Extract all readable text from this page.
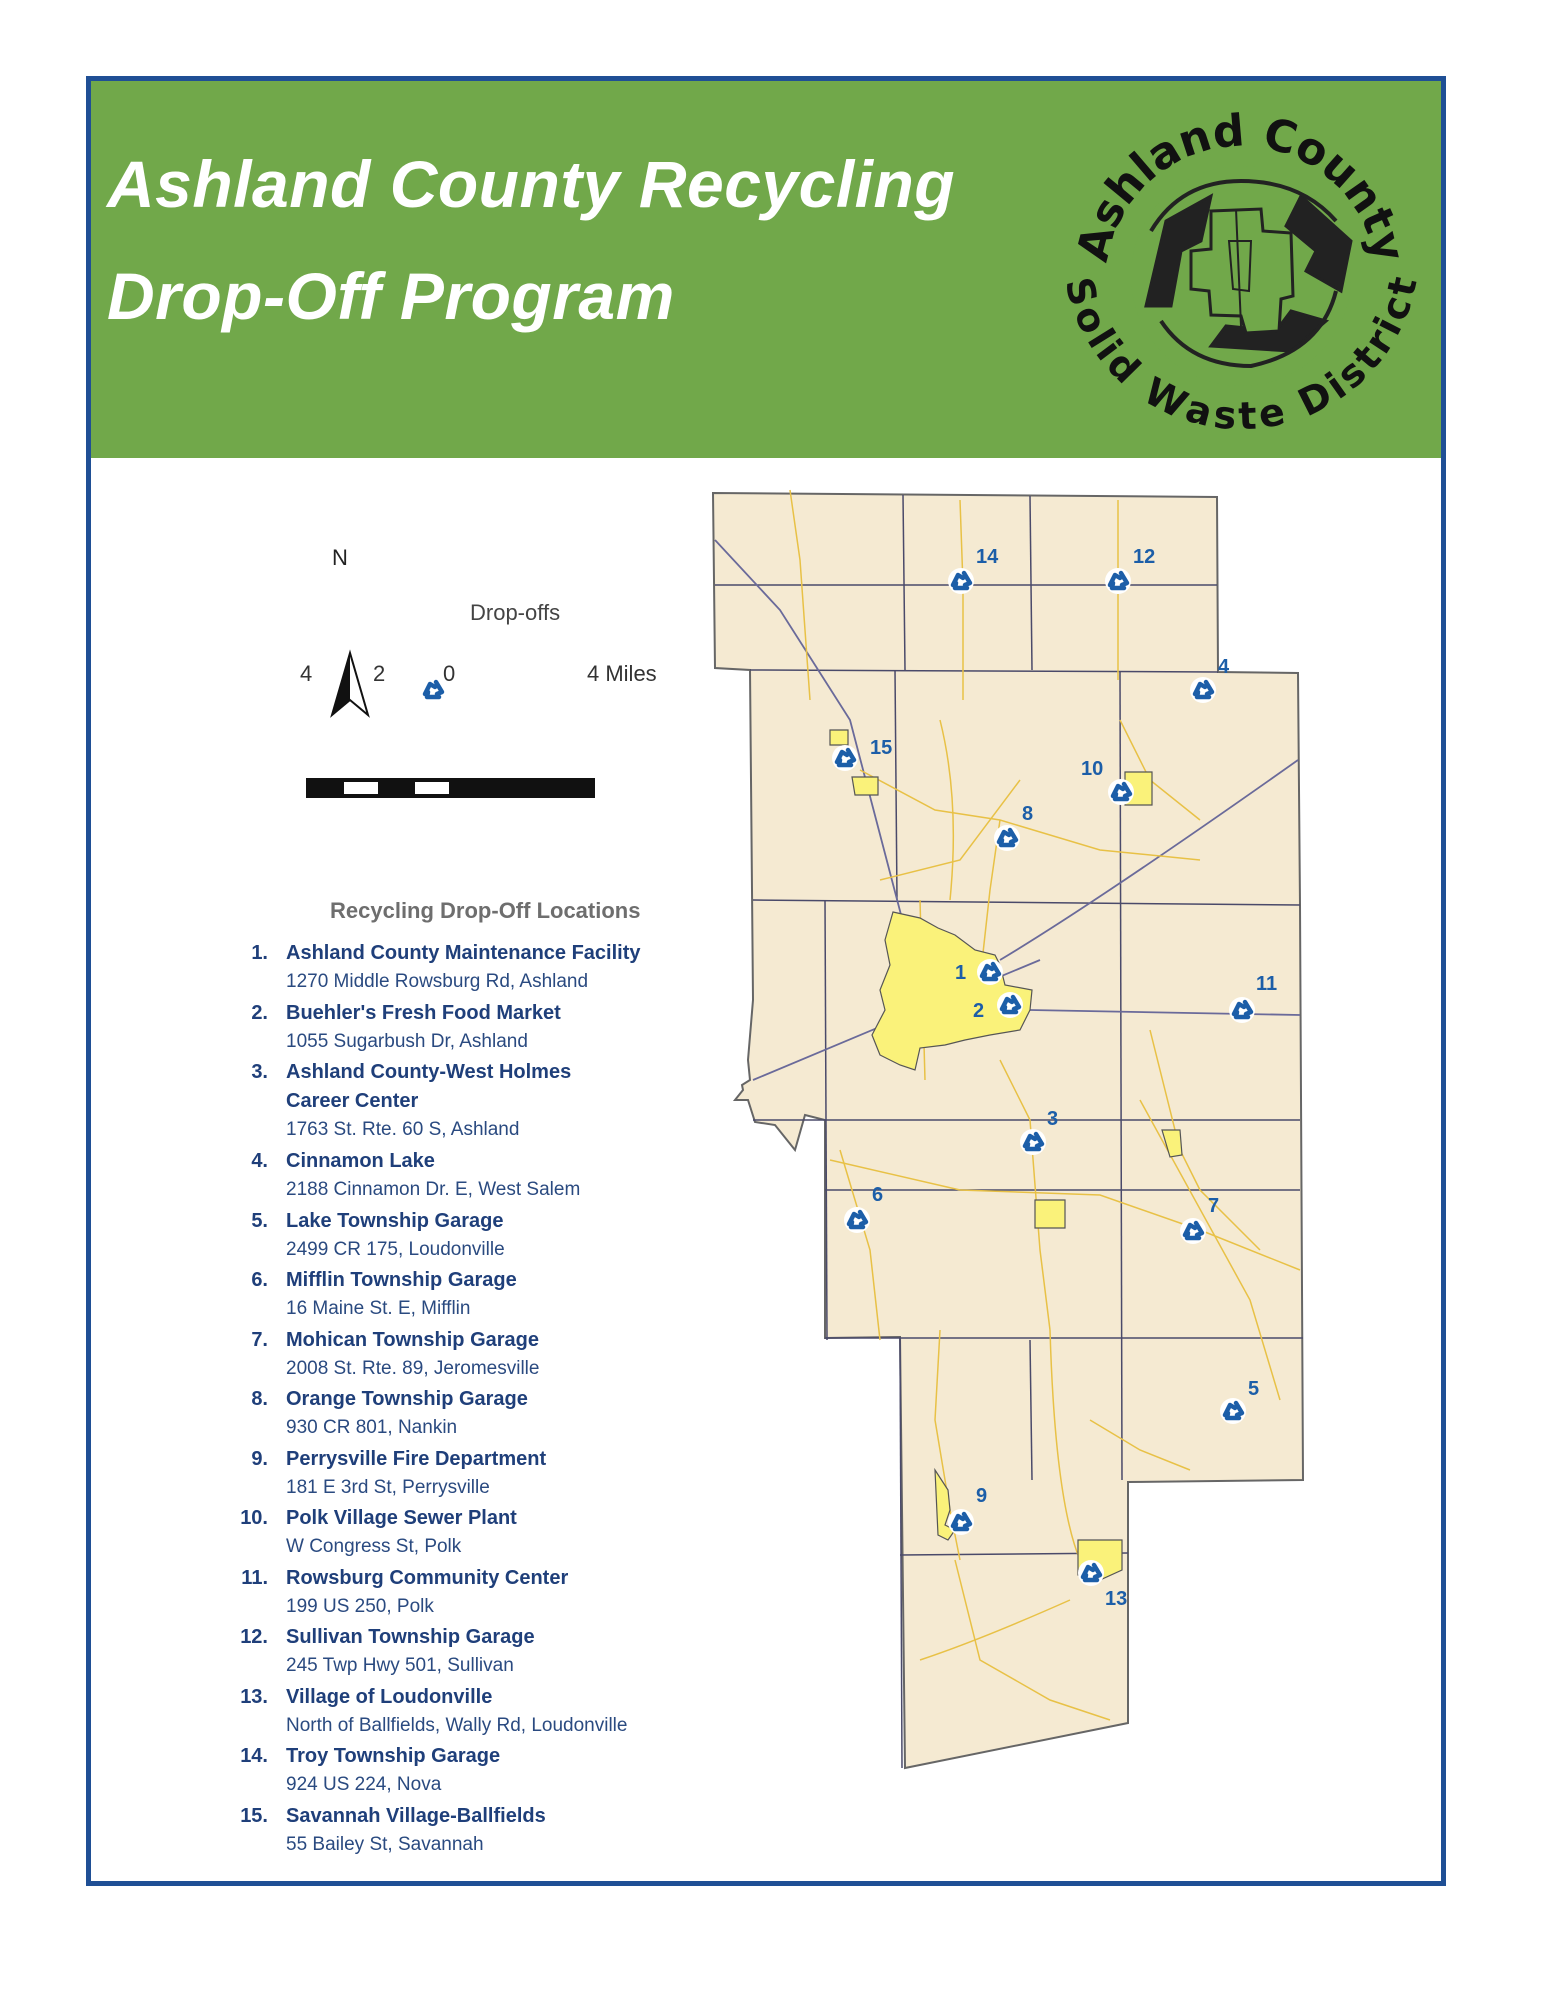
Ashland County Recycling
Drop-Off Program
Ashland County
Solid Waste District
1
2
3
4
5
6	7
8
9
10
11
12
13
14
15
N
Drop-offs
4	2	0	4 Miles
Recycling Drop-Off Locations
1. Ashland County Maintenance Facility
1270 Middle Rowsburg Rd, Ashland
2. Buehler's Fresh Food Market
1055 Sugarbush Dr, Ashland
3. Ashland County-West Holmes
Career Center
1763 St. Rte. 60 S, Ashland
4. Cinnamon Lake
2188 Cinnamon Dr. E, West Salem
5. Lake Township Garage
2499 CR 175, Loudonville
6. Mifflin Township Garage
16 Maine St. E, Mifflin
7. Mohican Township Garage
2008 St. Rte. 89, Jeromesville
8. Orange Township Garage
930 CR 801, Nankin
9. Perrysville Fire Department
181 E 3rd St, Perrysville
10. Polk Village Sewer Plant
W Congress St, Polk
11. Rowsburg Community Center
199 US 250, Polk
12. Sullivan Township Garage
245 Twp Hwy 501, Sullivan
13. Village of Loudonville
North of Ballfields, Wally Rd, Loudonville
14. Troy Township Garage
924 US 224, Nova
15. Savannah Village-Ballfields
55 Bailey St, Savannah
